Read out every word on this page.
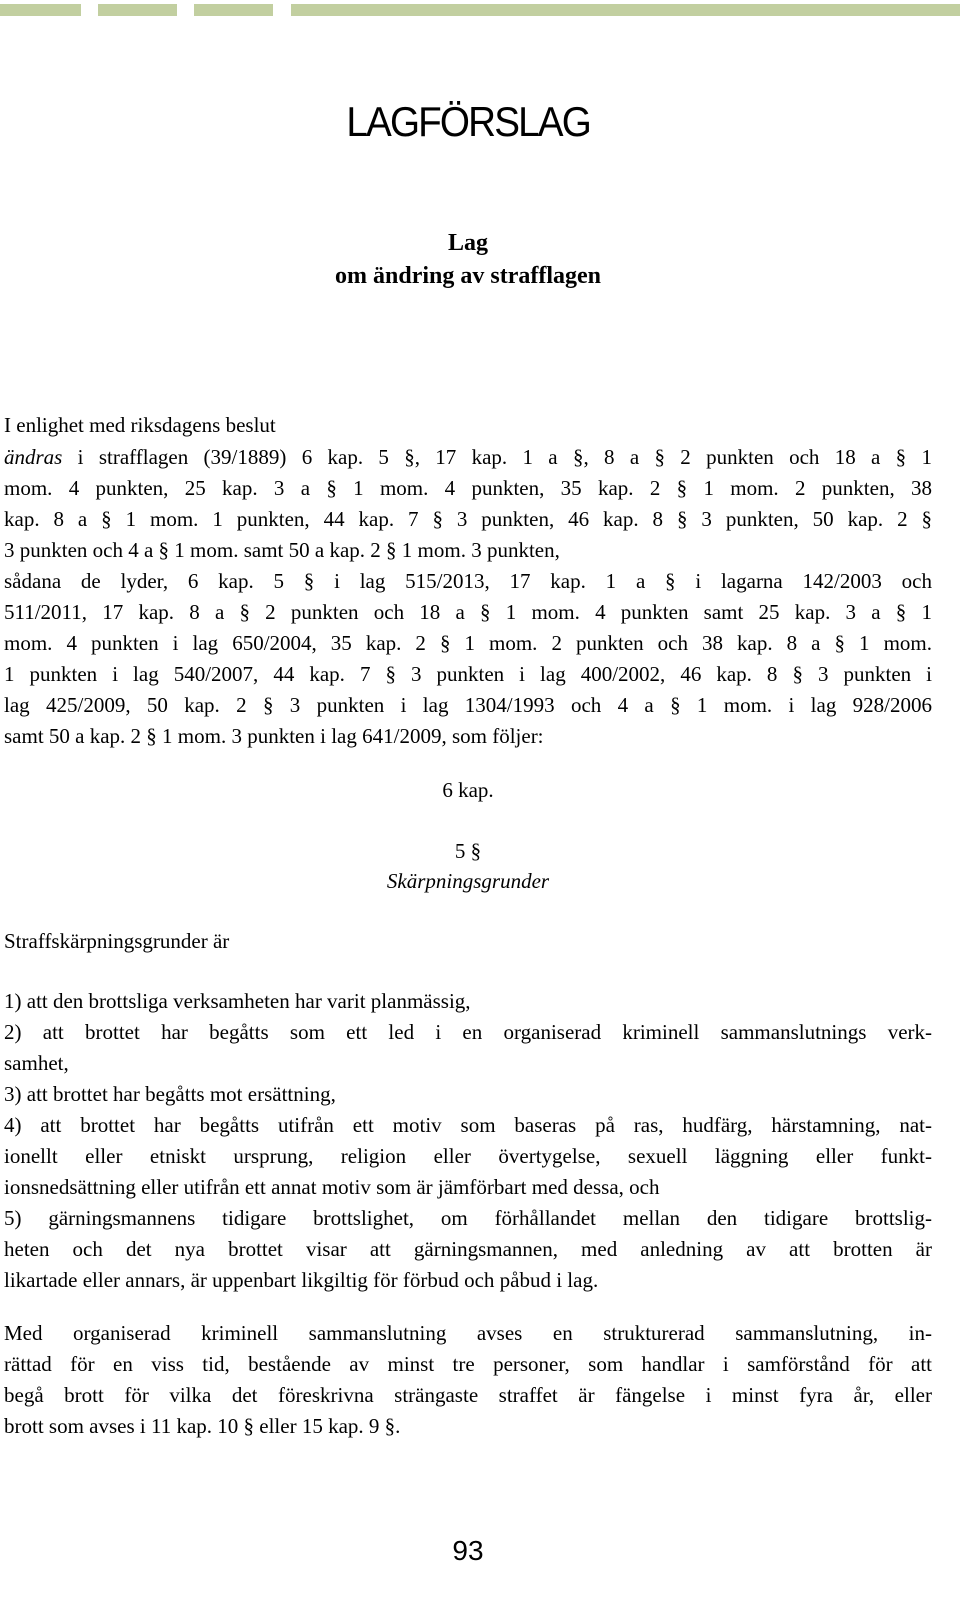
LAGFÖRSLAG
Lag
om ändring av strafflagen
I enlighet med riksdagens beslut
ändras i strafflagen (39/1889) 6 kap. 5 §, 17 kap. 1 a §, 8 a § 2 punkten och 18 a § 1
mom. 4 punkten, 25 kap. 3 a § 1 mom. 4 punkten, 35 kap. 2 § 1 mom. 2 punkten, 38
kap. 8 a § 1 mom. 1 punkten, 44 kap. 7 § 3 punkten, 46 kap. 8 § 3 punkten, 50 kap. 2 §
3 punkten och 4 a § 1 mom. samt 50 a kap. 2 § 1 mom. 3 punkten,
sådana de lyder, 6 kap. 5 § i lag 515/2013, 17 kap. 1 a § i lagarna 142/2003 och
511/2011, 17 kap. 8 a § 2 punkten och 18 a § 1 mom. 4 punkten samt 25 kap. 3 a § 1
mom. 4 punkten i lag 650/2004, 35 kap. 2 § 1 mom. 2 punkten och 38 kap. 8 a § 1 mom.
1 punkten i lag 540/2007, 44 kap. 7 § 3 punkten i lag 400/2002, 46 kap. 8 § 3 punkten i
lag 425/2009, 50 kap. 2 § 3 punkten i lag 1304/1993 och 4 a § 1 mom. i lag 928/2006
samt 50 a kap. 2 § 1 mom. 3 punkten i lag 641/2009, som följer:
6 kap.
5 §
Skärpningsgrunder
Straffskärpningsgrunder är
1) att den brottsliga verksamheten har varit planmässig,
2) att brottet har begåtts som ett led i en organiserad kriminell sammanslutnings verk-
samhet,
3) att brottet har begåtts mot ersättning,
4) att brottet har begåtts utifrån ett motiv som baseras på ras, hudfärg, härstamning, nat-
ionellt eller etniskt ursprung, religion eller övertygelse, sexuell läggning eller funkt-
ionsnedsättning eller utifrån ett annat motiv som är jämförbart med dessa, och
5) gärningsmannens tidigare brottslighet, om förhållandet mellan den tidigare brottslig-
heten och det nya brottet visar att gärningsmannen, med anledning av att brotten är
likartade eller annars, är uppenbart likgiltig för förbud och påbud i lag.
Med organiserad kriminell sammanslutning avses en strukturerad sammanslutning, in-
rättad för en viss tid, bestående av minst tre personer, som handlar i samförstånd för att
begå brott för vilka det föreskrivna strängaste straffet är fängelse i minst fyra år, eller
brott som avses i 11 kap. 10 § eller 15 kap. 9 §.
93
